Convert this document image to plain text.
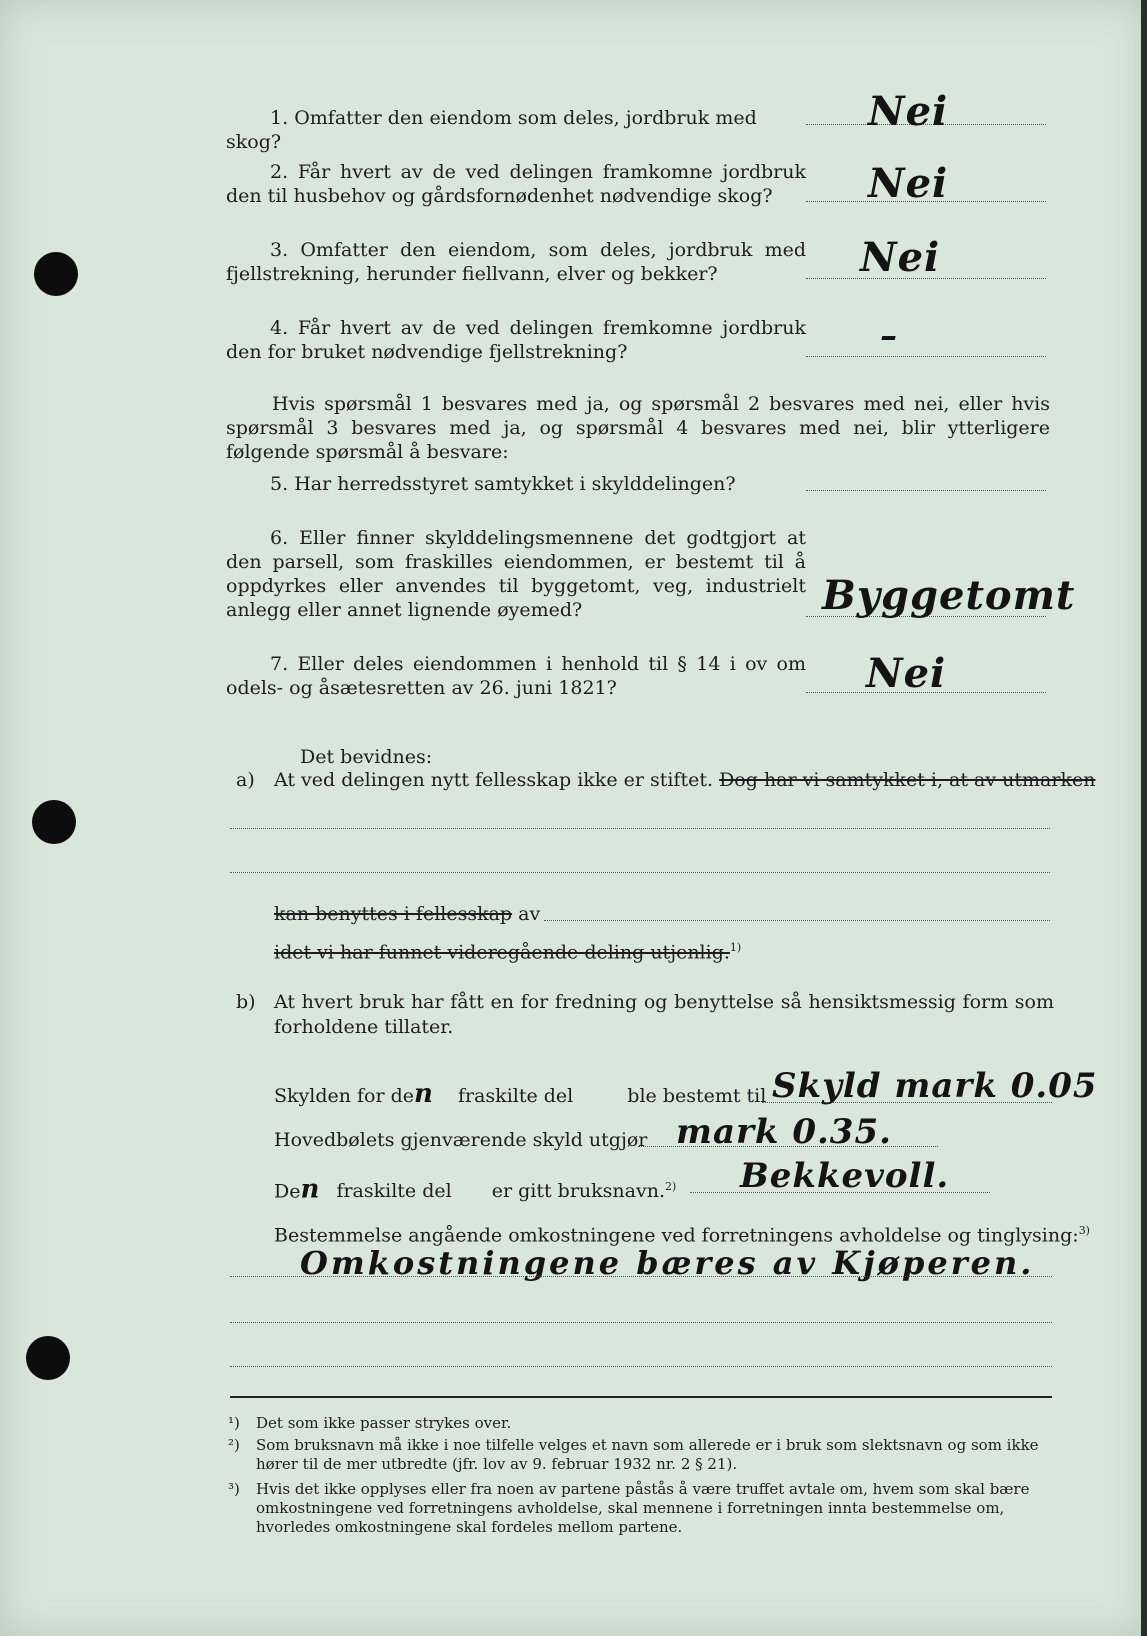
1. Omfatter den eiendom som deles, jordbruk med skog?
Nei
2. Får hvert av de ved delingen framkomne jordbruk den til husbehov og gårdsfornødenhet nødvendige skog?	Nei
3. Omfatter den eiendom, som deles, jordbruk med fjellstrekning, herunder fiellvann, elver og bekker?	Nei
4. Får hvert av de ved delingen fremkomne jordbruk den for bruket nødvendige fjellstrekning?	–
Hvis spørsmål 1 besvares med ja, og spørsmål 2 besvares med nei, eller hvis spørsmål 3 besvares med ja, og spørsmål 4 besvares med nei, blir ytterligere følgende spørsmål å besvare:
5. Har herredsstyret samtykket i skylddelingen?
6. Eller finner skylddelingsmennene det godtgjort at den parsell, som fraskilles eiendommen, er bestemt til å oppdyrkes eller anvendes til byggetomt, veg, industrielt anlegg eller annet lignende øyemed?	Byggetomt
7. Eller deles eiendommen i henhold til § 14 i ov om odels- og åsætesretten av 26. juni 1821?	Nei
Det bevidnes:
a) At ved delingen nytt fellesskap ikke er stiftet. Dog har vi samtykket i, at av utmarken
kan benyttes i fellesskap av
idet vi har funnet videregående deling utjenlig.$^{1)}$
b) At hvert bruk har fått en for fredning og benyttelse så hensiktsmessig form som forholdene tillater.
Skylden for den fraskilte del	ble bestemt til Skyld mark 0.05
Hovedbølets gjenværende skyld utgjør mark 0.35.
Den fraskilte del er gitt bruksnavn.$^{2)}$ Bekkevoll.
Bestemmelse angående omkostningene ved forretningens avholdelse og tinglysing:$^{3)}$
Omkostningene bæres av Kjøperen.
¹) Det som ikke passer strykes over.
²) Som bruksnavn må ikke i noe tilfelle velges et navn som allerede er i bruk som slektsnavn og som ikke hører til de mer utbredte (jfr. lov av 9. februar 1932 nr. 2 § 21).
³) Hvis det ikke opplyses eller fra noen av partene påstås å være truffet avtale om, hvem som skal bære omkostningene ved forretningens avholdelse, skal mennene i forretningen innta bestemmelse om, hvorledes omkostningene skal fordeles mellom partene.
